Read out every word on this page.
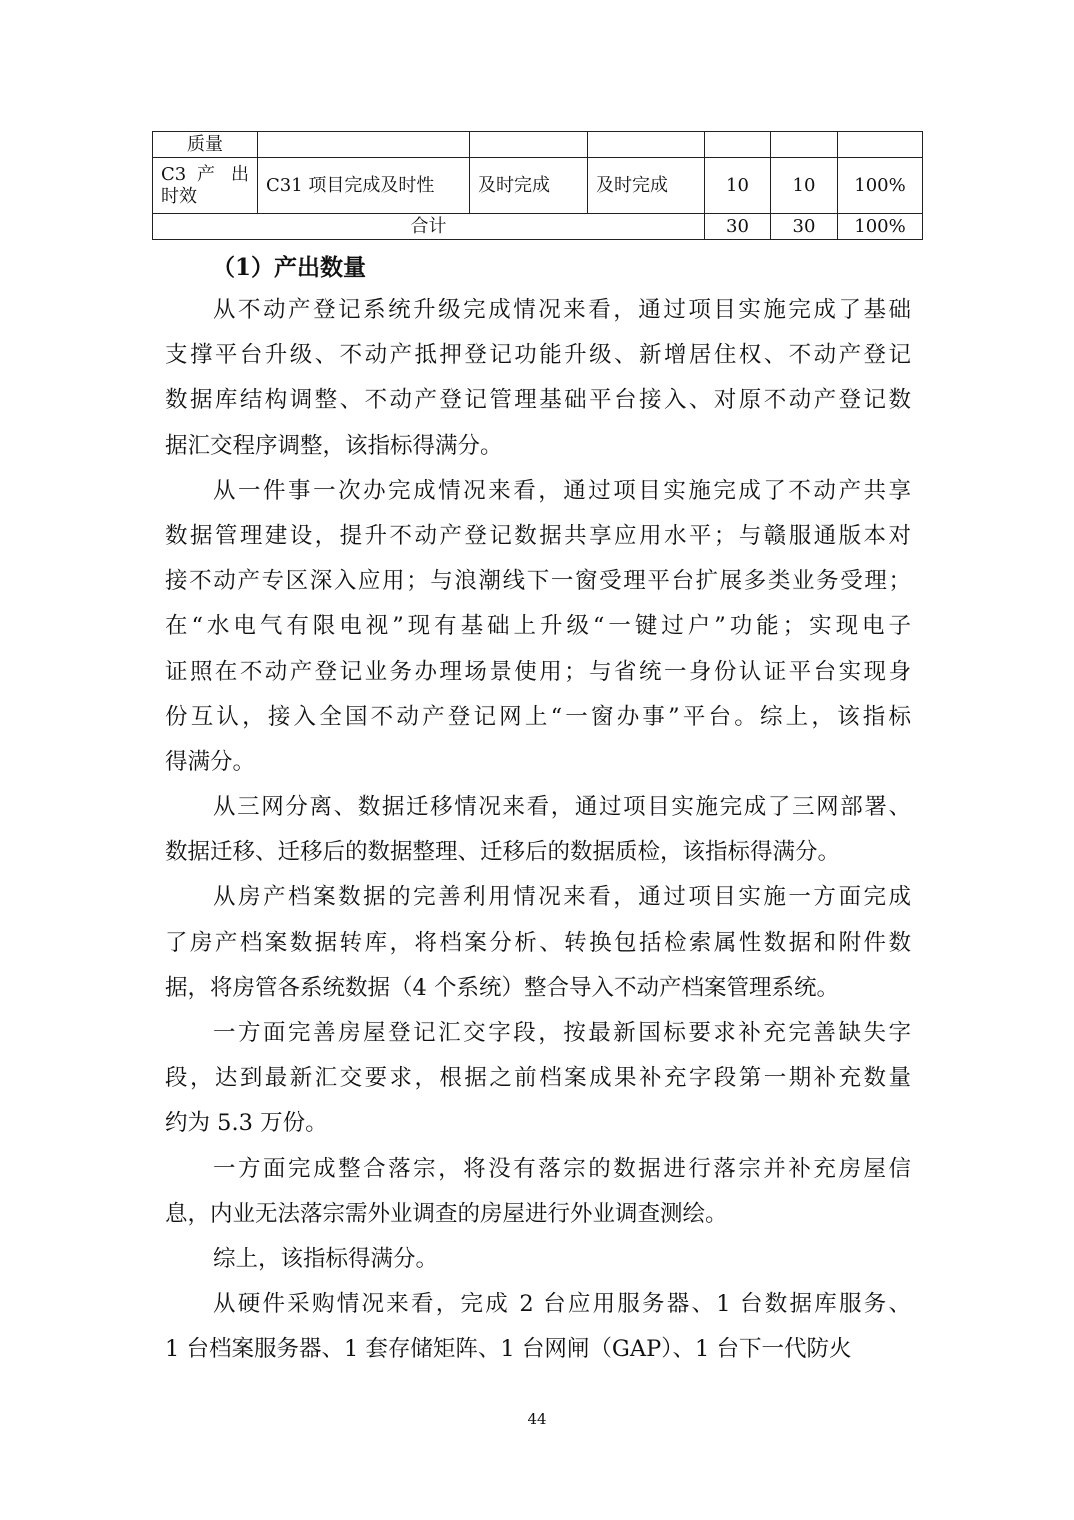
质量						
C3 产 出 时效	C31 项目完成及时性	及时完成	及时完成	10	10	100%
合计				30	30	100%
（1）产出数量
从不动产登记系统升级完成情况来看，通过项目实施完成了基础
支撑平台升级、不动产抵押登记功能升级、新增居住权、不动产登记
数据库结构调整、不动产登记管理基础平台接入、对原不动产登记数
据汇交程序调整，该指标得满分。
从一件事一次办完成情况来看，通过项目实施完成了不动产共享
数据管理建设，提升不动产登记数据共享应用水平；与赣服通版本对
接不动产专区深入应用；与浪潮线下一窗受理平台扩展多类业务受理；
在“水电气有限电视”现有基础上升级“一键过户”功能；实现电子
证照在不动产登记业务办理场景使用；与省统一身份认证平台实现身
份互认，接入全国不动产登记网上“一窗办事”平台。综上，该指标
得满分。
从三网分离、数据迁移情况来看，通过项目实施完成了三网部署、
数据迁移、迁移后的数据整理、迁移后的数据质检，该指标得满分。
从房产档案数据的完善利用情况来看，通过项目实施一方面完成
了房产档案数据转库，将档案分析、转换包括检索属性数据和附件数
据，将房管各系统数据（4 个系统）整合导入不动产档案管理系统。
一方面完善房屋登记汇交字段，按最新国标要求补充完善缺失字
段，达到最新汇交要求，根据之前档案成果补充字段第一期补充数量
约为 5.3 万份。
一方面完成整合落宗，将没有落宗的数据进行落宗并补充房屋信
息，内业无法落宗需外业调查的房屋进行外业调查测绘。
综上，该指标得满分。
从硬件采购情况来看，完成 2 台应用服务器、1 台数据库服务、
1 台档案服务器、1 套存储矩阵、1 台网闸（GAP）、1 台下一代防火
44
